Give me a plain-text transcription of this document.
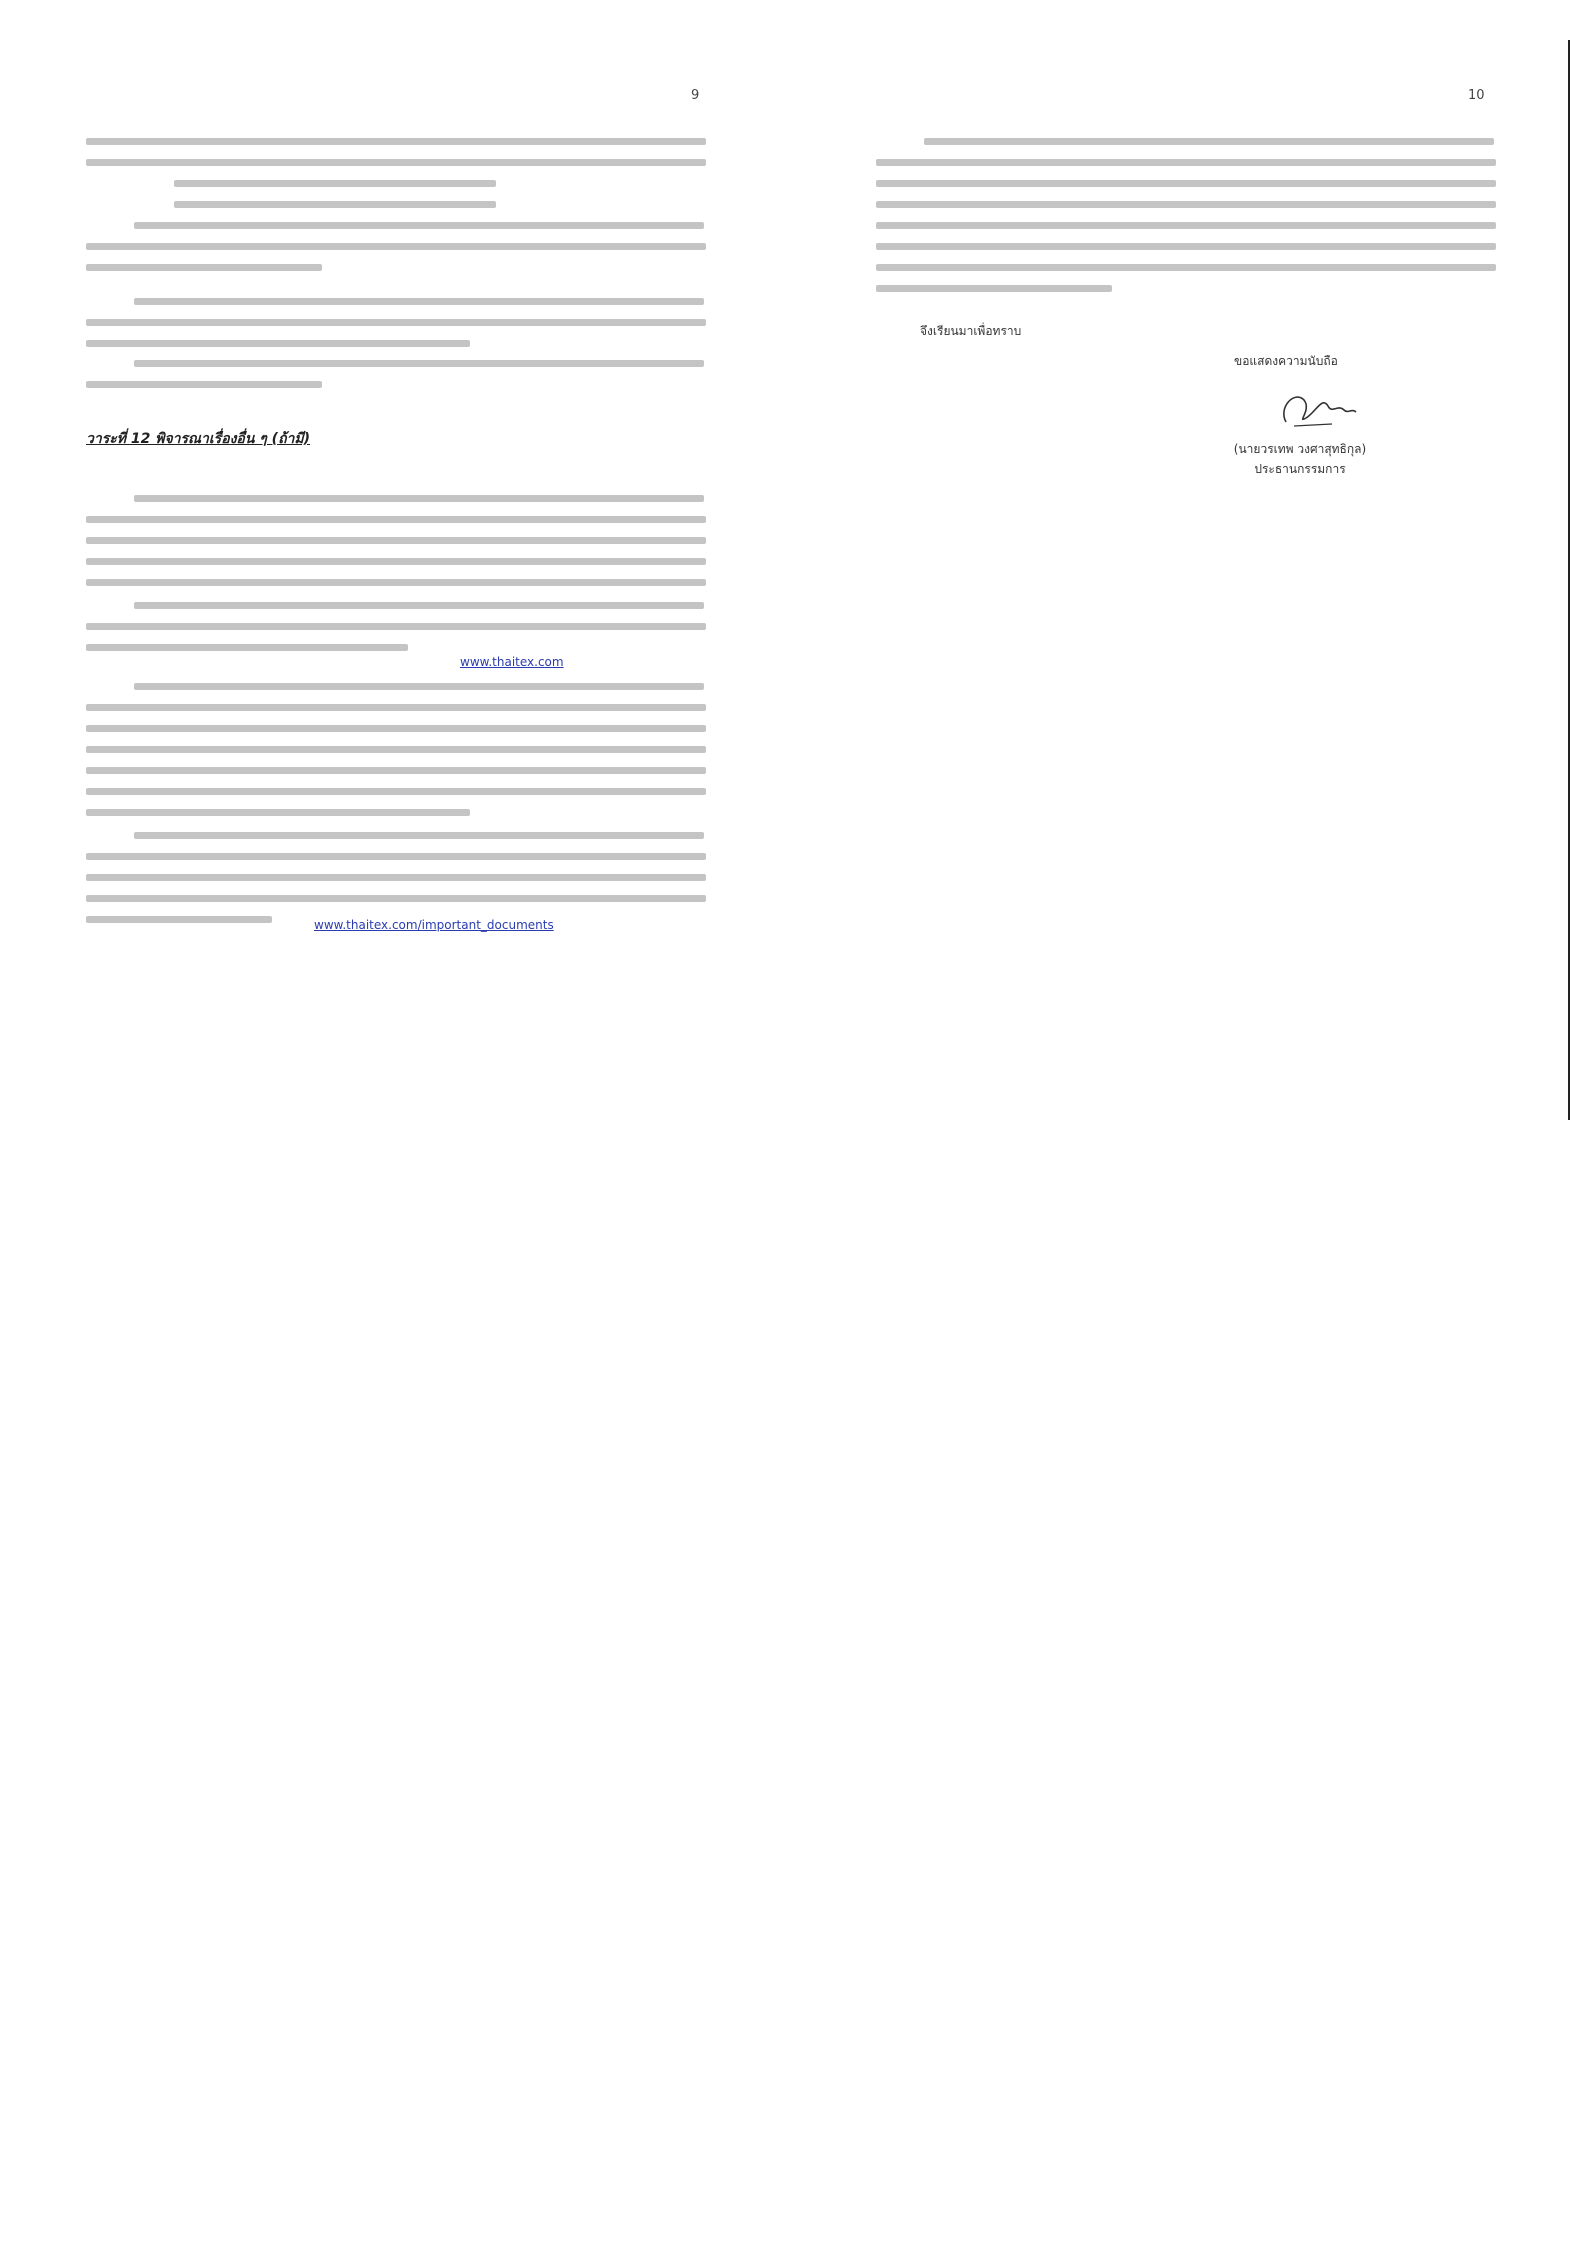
9
วาระที่ 12 พิจารณาเรื่องอื่น ๆ (ถ้ามี)
www.thaitex.com
www.thaitex.com/important_documents
10
จึงเรียนมาเพื่อทราบ
ขอแสดงความนับถือ
(นายวรเทพ วงศาสุทธิกุล)
ประธานกรรมการ
